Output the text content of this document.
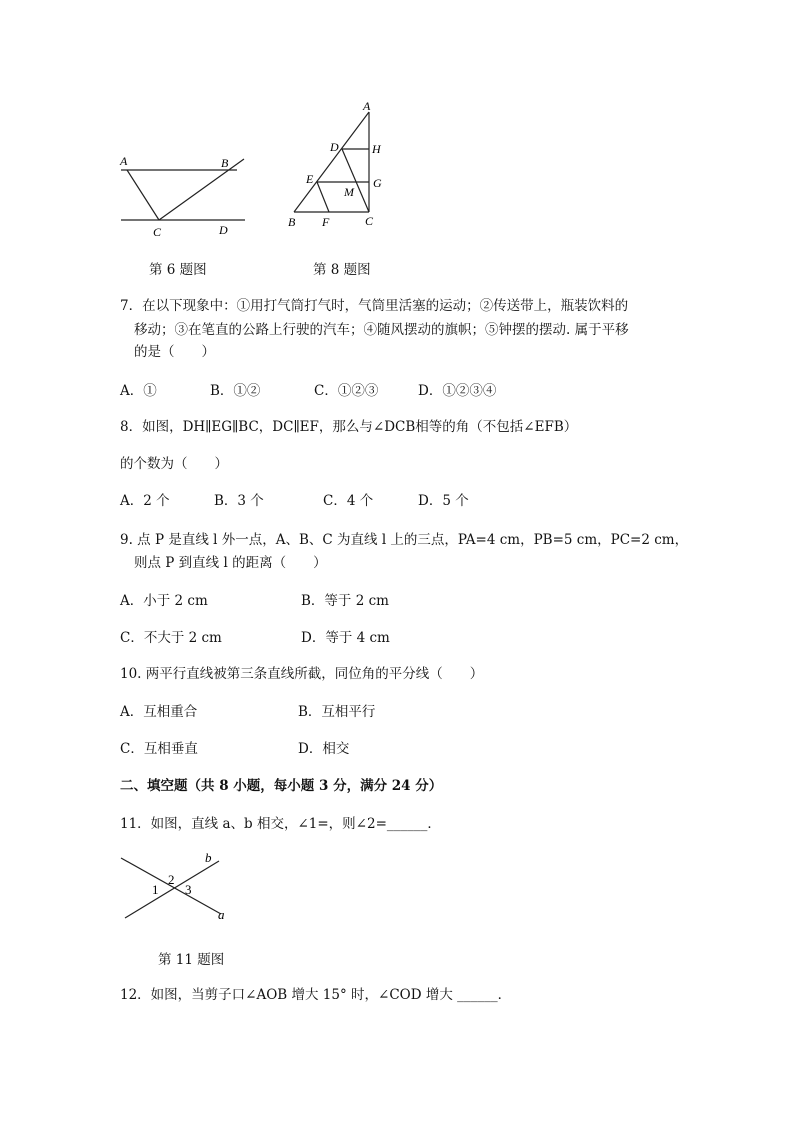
A	B
C	D
第 6 题图
A
D	H
E
M
G
B F	C
第 8 题图
7．在以下现象中：①用打气筒打气时，气筒里活塞的运动；②传送带上，瓶装饮料的
移动；③在笔直的公路上行驶的汽车；④随风摆动的旗帜；⑤钟摆的摆动. 属于平移
的是（　　）
A．①	B．①②	C．①②③	D．①②③④
8．如图，DH∥EG∥BC，DC∥EF，那么与∠DCB相等的角（不包括∠EFB）
的个数为（　　）
A．2 个	B．3 个	C．4 个	D．5 个
9. 点 P 是直线 l 外一点，A、B、C 为直线 l 上的三点，PA=4 cm，PB=5 cm，PC=2 cm，
则点 P 到直线 l 的距离（　　）
A．小于 2 cm	B．等于 2 cm
C．不大于 2 cm	D．等于 4 cm
10. 两平行直线被第三条直线所截，同位角的平分线（　　）
A．互相重合	B．互相平行
C．互相垂直	D．相交
二、填空题（共 8 小题，每小题 3 分，满分 24 分）
11．如图，直线 a、b 相交，∠1=，则∠2=______．
b
a
1
2
3
第 11 题图
12．如图，当剪子口∠AOB 增大 15° 时，∠COD 增大 ______．
